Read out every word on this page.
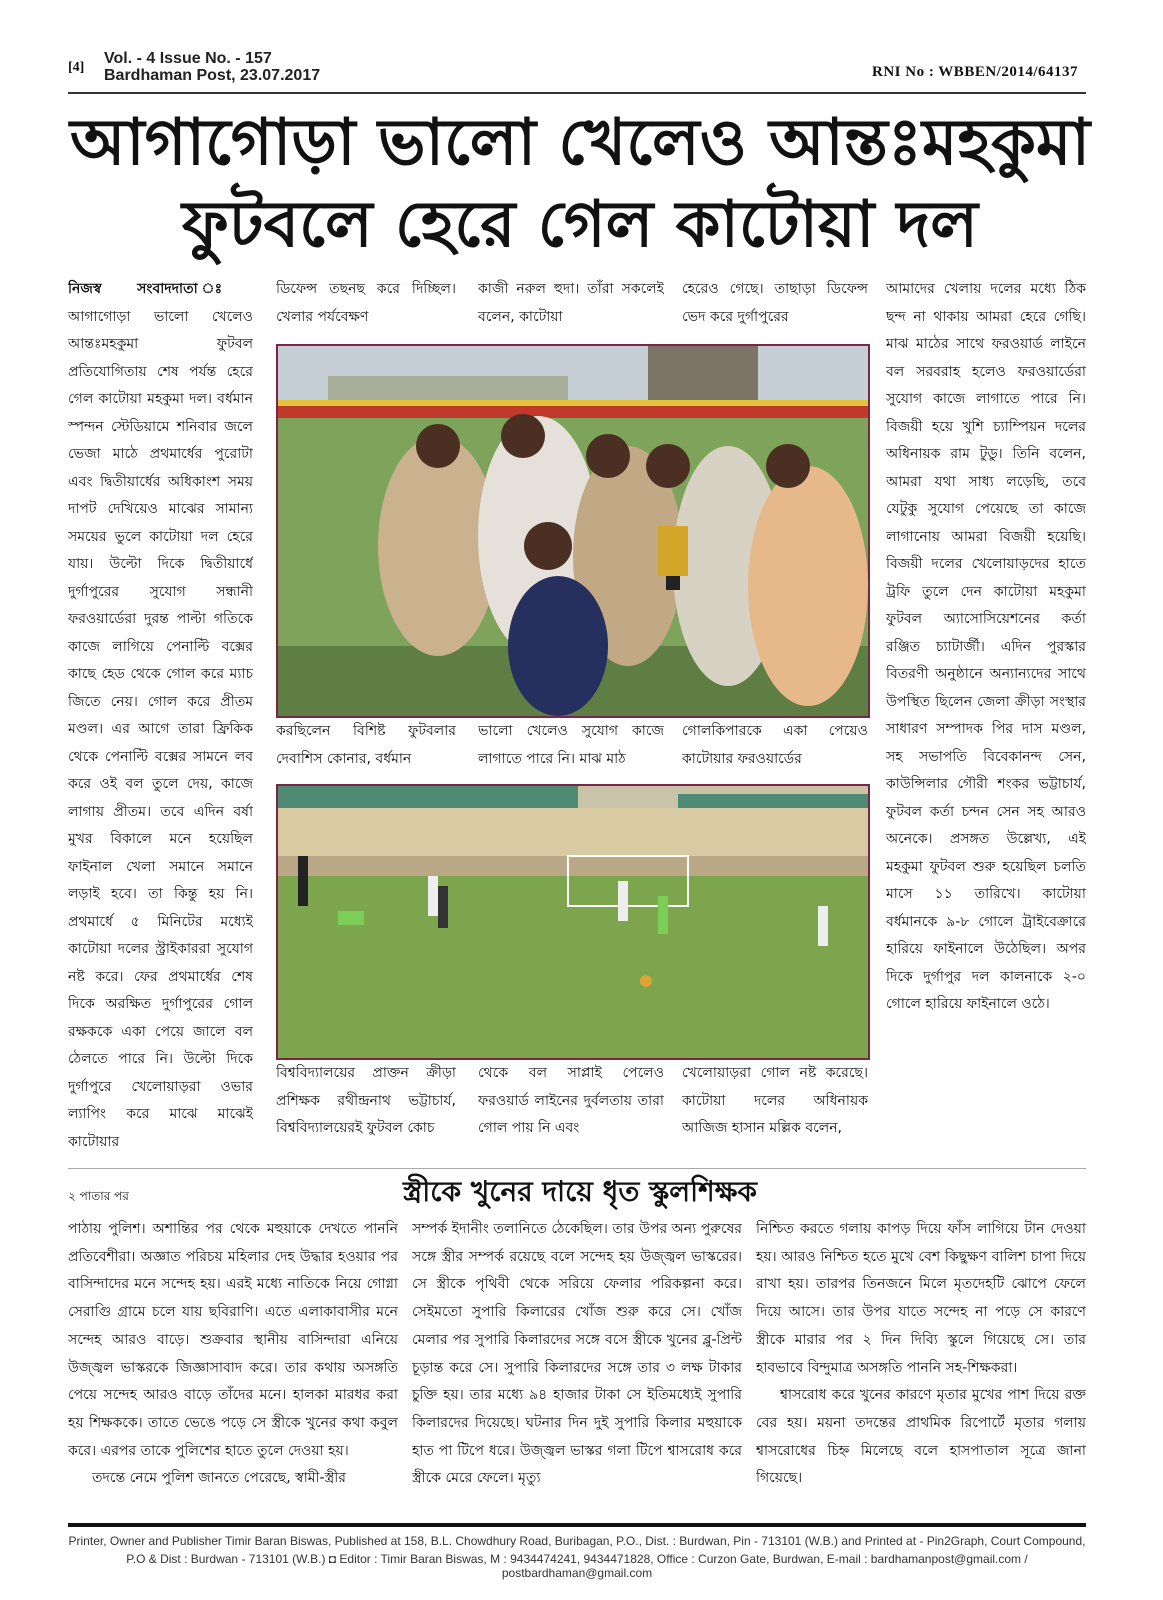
[4]
Vol. - 4 Issue No. - 157
Bardhaman Post, 23.07.2017	RNI No : WBBEN/2014/64137
আগাগোড়া ভালো খেলেও আন্তঃমহকুমা
ফুটবলে হেরে গেল কাটোয়া দল
নিজস্ব সংবাদদাতা ঃ আগাগোড়া ভালো খেলেও আন্তঃমহকুমা ফুটবল প্রতিযোগিতায় শেষ পর্যন্ত হেরে গেল কাটোয়া মহকুমা দল। বর্ধমান স্পন্দন স্টেডিয়ামে শনিবার জলে ভেজা মাঠে প্রথমার্ধের পুরোটা এবং দ্বিতীয়ার্ধের অধিকাংশ সময় দাপট দেখিয়েও মাঝের সামান্য সময়ের ভুলে কাটোয়া দল হেরে যায়। উল্টো দিকে দ্বিতীয়ার্ধে দুর্গাপুরের সুযোগ সন্ধানী ফরওয়ার্ডেরা দুরন্ত পাল্টা গতিকে কাজে লাগিয়ে পেনাল্টি বক্সের কাছে হেড থেকে গোল করে ম্যাচ জিতে নেয়। গোল করে প্রীতম মণ্ডল। এর আগে তারা ফ্রিকিক থেকে পেনাল্টি বক্সের সামনে লব করে ওই বল তুলে দেয়, কাজে লাগায় প্রীতম। তবে এদিন বর্ষা মুখর বিকালে মনে হয়েছিল ফাইনাল খেলা সমানে সমানে লড়াই হবে। তা কিন্তু হয় নি। প্রথমার্ধে ৫ মিনিটের মধ্যেই কাটোয়া দলের স্ট্রাইকাররা সুযোগ নষ্ট করে। ফের প্রথমার্ধের শেষ দিকে অরক্ষিত দুর্গাপুরের গোল রক্ষককে একা পেয়ে জালে বল ঠেলতে পারে নি। উল্টো দিকে দুর্গাপুরে খেলোয়াড়রা ওভার ল্যাপিং করে মাঝে মাঝেই কাটোয়ার
ডিফেন্স তছনছ করে দিচ্ছিল। খেলার পর্যবেক্ষণ
কাজী নরুল হুদা। তাঁরা সকলেই বলেন, কাটোয়া
হেরেও গেছে। তাছাড়া ডিফেন্স ভেদ করে দুর্গাপুরের
করছিলেন বিশিষ্ট ফুটবলার দেবাশিস কোনার, বর্ধমান
ভালো খেলেও সুযোগ কাজে লাগাতে পারে নি। মাঝ মাঠ
গোলকিপারকে একা পেয়েও কাটোয়ার ফরওয়ার্ডের
বিশ্ববিদ্যালয়ের প্রাক্তন ক্রীড়া প্রশিক্ষক রথীন্দ্রনাথ ভট্টাচার্য, বিশ্ববিদ্যালয়েরই ফুটবল কোচ
থেকে বল সাপ্লাই পেলেও ফরওয়ার্ড লাইনের দুর্বলতায় তারা গোল পায় নি এবং
খেলোয়াড়রা গোল নষ্ট করেছে। কাটোয়া দলের অধিনায়ক আজিজ হাসান মল্লিক বলেন,
আমাদের খেলায় দলের মধ্যে ঠিক ছন্দ না থাকায় আমরা হেরে গেছি। মাঝ মাঠের সাথে ফরওয়ার্ড লাইনে বল সরবরাহ হলেও ফরওয়ার্ডেরা সুযোগ কাজে লাগাতে পারে নি। বিজয়ী হয়ে খুশি চ্যাম্পিয়ন দলের অধিনায়ক রাম টুডু। তিনি বলেন, আমরা যথা সাধ্য লড়েছি, তবে যেটুকু সুযোগ পেয়েছে তা কাজে লাগানোয় আমরা বিজয়ী হয়েছি। বিজয়ী দলের খেলোয়াড়দের হাতে ট্রফি তুলে দেন কাটোয়া মহকুমা ফুটবল অ্যাসোসিয়েশনের কর্তা রঞ্জিত চ্যাটার্জী। এদিন পুরস্কার বিতরণী অনুষ্ঠানে অন্যান্যদের সাথে উপস্থিত ছিলেন জেলা ক্রীড়া সংস্থার সাধারণ সম্পাদক পির দাস মণ্ডল, সহ সভাপতি বিবেকানন্দ সেন, কাউন্সিলার গৌরী শংকর ভট্টাচার্য, ফুটবল কর্তা চন্দন সেন সহ আরও অনেকে। প্রসঙ্গত উল্লেখ্য, এই মহকুমা ফুটবল শুরু হয়েছিল চলতি মাসে ১১ তারিখে। কাটোয়া বর্ধমানকে ৯-৮ গোলে ট্রাইবেক্রারে হারিয়ে ফাইনালে উঠেছিল। অপর দিকে দুর্গাপুর দল কালনাকে ২-০ গোলে হারিয়ে ফাইনালে ওঠে।
২ পাতার পর	স্ত্রীকে খুনের দায়ে ধৃত স্কুলশিক্ষক
পাঠায় পুলিশ। অশান্তির পর থেকে মহুয়াকে দেখতে পাননি প্রতিবেশীরা। অজ্ঞাত পরিচয় মহিলার দেহ উদ্ধার হওয়ার পর বাসিন্দাদের মনে সন্দেহ হয়। এরই মধ্যে নাতিকে নিয়ে গোগ্না সেরাগুি গ্রামে চলে যায় ছবিরাণি। এতে এলাকাবাসীর মনে সন্দেহ আরও বাড়ে। শুক্রবার স্থানীয় বাসিন্দারা এনিয়ে উজ্জ্বল ভাস্করকে জিজ্ঞাসাবাদ করে। তার কথায় অসঙ্গতি পেয়ে সন্দেহ আরও বাড়ে তাঁদের মনে। হালকা মারধর করা হয় শিক্ষককে। তাতে ভেঙে পড়ে সে স্ত্রীকে খুনের কথা কবুল করে। এরপর তাকে পুলিশের হাতে তুলে দেওয়া হয়।
তদন্তে নেমে পুলিশ জানতে পেরেছে, স্বামী-স্ত্রীর
সম্পর্ক ইদানীং তলানিতে ঠেকেছিল। তার উপর অন্য পুরুষের সঙ্গে স্ত্রীর সম্পর্ক রয়েছে বলে সন্দেহ হয় উজ্জ্বল ভাস্করের। সে স্ত্রীকে পৃথিবী থেকে সরিয়ে ফেলার পরিকল্পনা করে। সেইমতো সুপারি কিলারের খোঁজ শুরু করে সে। খোঁজ মেলার পর সুপারি কিলারদের সঙ্গে বসে স্ত্রীকে খুনের ব্লু-প্রিন্ট চূড়ান্ত করে সে। সুপারি কিলারদের সঙ্গে তার ৩ লক্ষ টাকার চুক্তি হয়। তার মধ্যে ৯৪ হাজার টাকা সে ইতিমধ্যেই সুপারি কিলারদের দিয়েছে। ঘটনার দিন দুই সুপারি কিলার মহুয়াকে হাত পা টিপে ধরে। উজ্জ্বল ভাস্কর গলা টিপে শ্বাসরোধ করে স্ত্রীকে মেরে ফেলে। মৃত্যু
নিশ্চিত করতে গলায় কাপড় দিয়ে ফাঁস লাগিয়ে টান দেওয়া হয়। আরও নিশ্চিত হতে মুখে বেশ কিছুক্ষণ বালিশ চাপা দিয়ে রাখা হয়। তারপর তিনজনে মিলে মৃতদেহটি ঝোপে ফেলে দিয়ে আসে। তার উপর যাতে সন্দেহ না পড়ে সে কারণে স্ত্রীকে মারার পর ২ দিন দিব্যি স্কুলে গিয়েছে সে। তার হাবভাবে বিন্দুমাত্র অসঙ্গতি পাননি সহ-শিক্ষকরা।
শ্বাসরোধ করে খুনের কারণে মৃতার মুখের পাশ দিয়ে রক্ত বের হয়। ময়না তদন্তের প্রাথমিক রিপোর্টে মৃতার গলায় শ্বাসরোধের চিহ্ন মিলেছে বলে হাসপাতাল সূত্রে জানা গিয়েছে।
Printer, Owner and Publisher Timir Baran Biswas, Published at 158, B.L. Chowdhury Road, Buribagan, P.O., Dist. : Burdwan, Pin - 713101 (W.B.) and Printed at - Pin2Graph, Court Compound,
P.O & Dist : Burdwan - 713101 (W.B.) ◘ Editor : Timir Baran Biswas, M : 9434474241, 9434471828, Office : Curzon Gate, Burdwan, E-mail : bardhamanpost@gmail.com / postbardhaman@gmail.com
